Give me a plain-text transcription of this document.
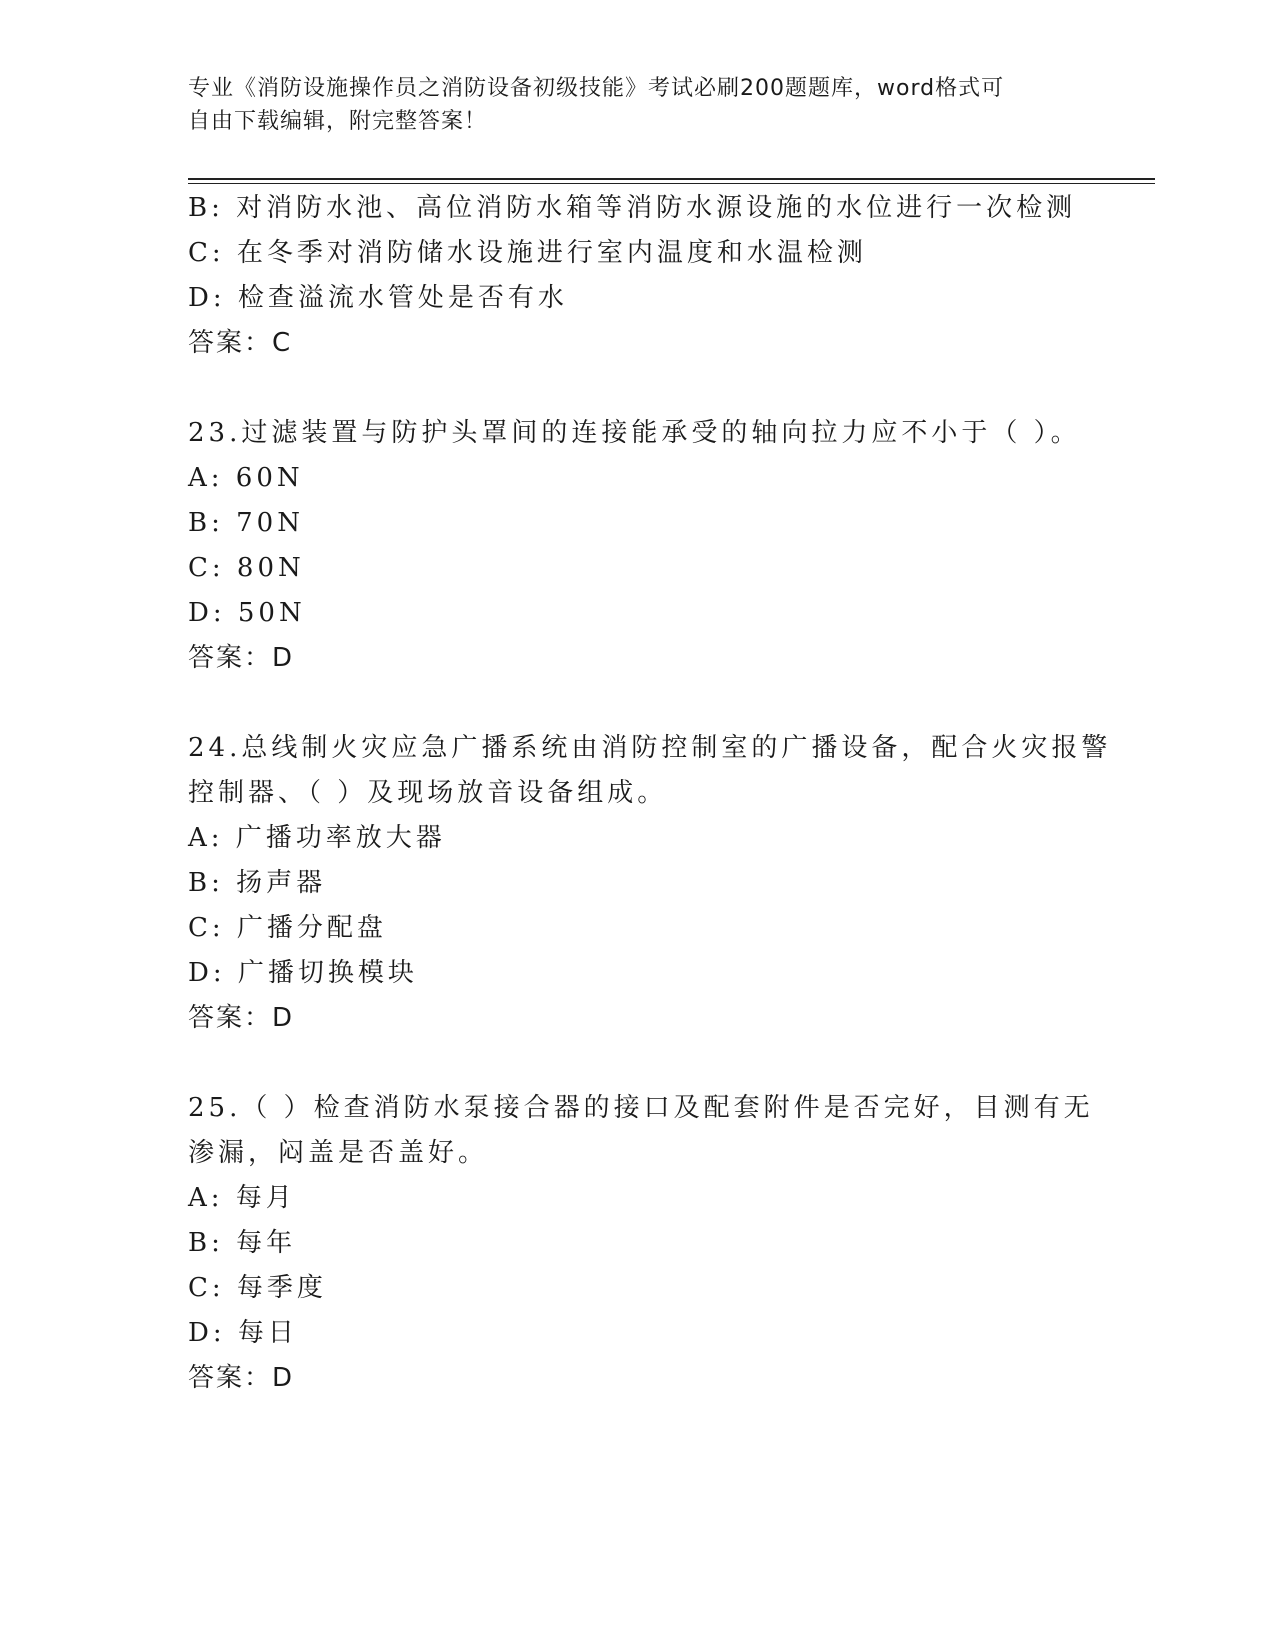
专业《消防设施操作员之消防设备初级技能》考试必刷200题题库，word格式可
自由下载编辑，附完整答案！
B: 对消防水池、高位消防水箱等消防水源设施的水位进行一次检测
C: 在冬季对消防储水设施进行室内温度和水温检测
D: 检查溢流水管处是否有水
答案：C
23.过滤装置与防护头罩间的连接能承受的轴向拉力应不小于（ ）。
A: 60N
B: 70N
C: 80N
D: 50N
答案：D
24.总线制火灾应急广播系统由消防控制室的广播设备，配合火灾报警
控制器、（ ）及现场放音设备组成。
A: 广播功率放大器
B: 扬声器
C: 广播分配盘
D: 广播切换模块
答案：D
25.（ ）检查消防水泵接合器的接口及配套附件是否完好，目测有无
渗漏，闷盖是否盖好。
A: 每月
B: 每年
C: 每季度
D: 每日
答案：D
